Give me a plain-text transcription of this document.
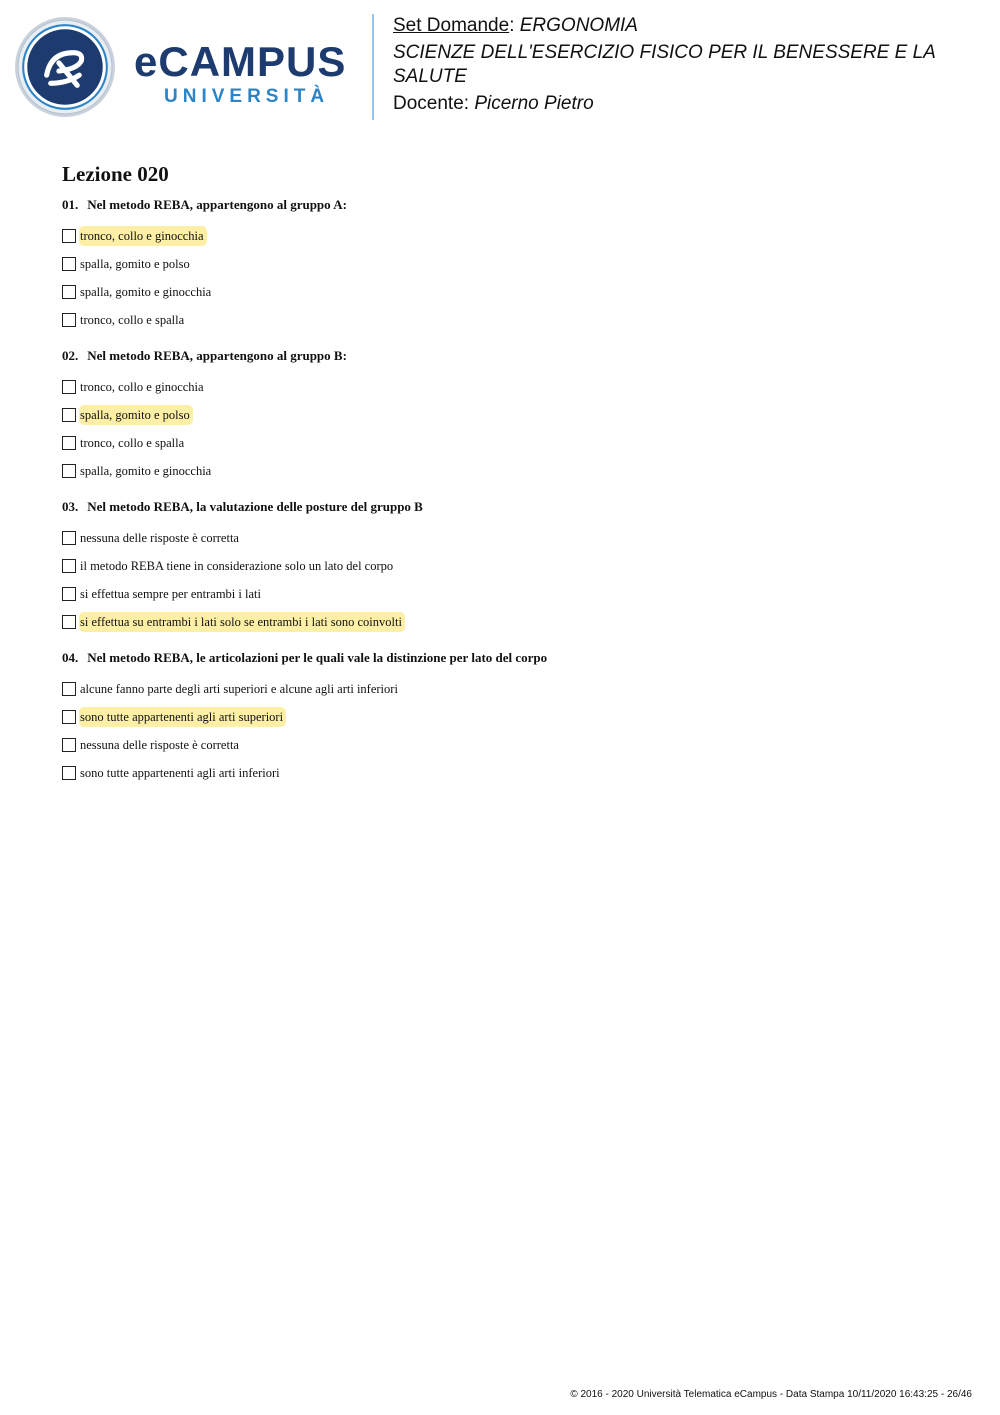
eCAMPUS
UNIVERSITÀ
Set Domande: ERGONOMIA
SCIENZE DELL'ESERCIZIO FISICO PER IL BENESSERE E LA SALUTE
Docente: Picerno Pietro
Lezione 020
01. Nel metodo REBA, appartengono al gruppo A:
tronco, collo e ginocchia
spalla, gomito e polso
spalla, gomito e ginocchia
tronco, collo e spalla
02. Nel metodo REBA, appartengono al gruppo B:
tronco, collo e ginocchia
spalla, gomito e polso
tronco, collo e spalla
spalla, gomito e ginocchia
03. Nel metodo REBA, la valutazione delle posture del gruppo B
nessuna delle risposte è corretta
il metodo REBA tiene in considerazione solo un lato del corpo
si effettua sempre per entrambi i lati
si effettua su entrambi i lati solo se entrambi i lati sono coinvolti
04. Nel metodo REBA, le articolazioni per le quali vale la distinzione per lato del corpo
alcune fanno parte degli arti superiori e alcune agli arti inferiori
sono tutte appartenenti agli arti superiori
nessuna delle risposte è corretta
sono tutte appartenenti agli arti inferiori
© 2016 - 2020 Università Telematica eCampus - Data Stampa 10/11/2020 16:43:25 - 26/46
